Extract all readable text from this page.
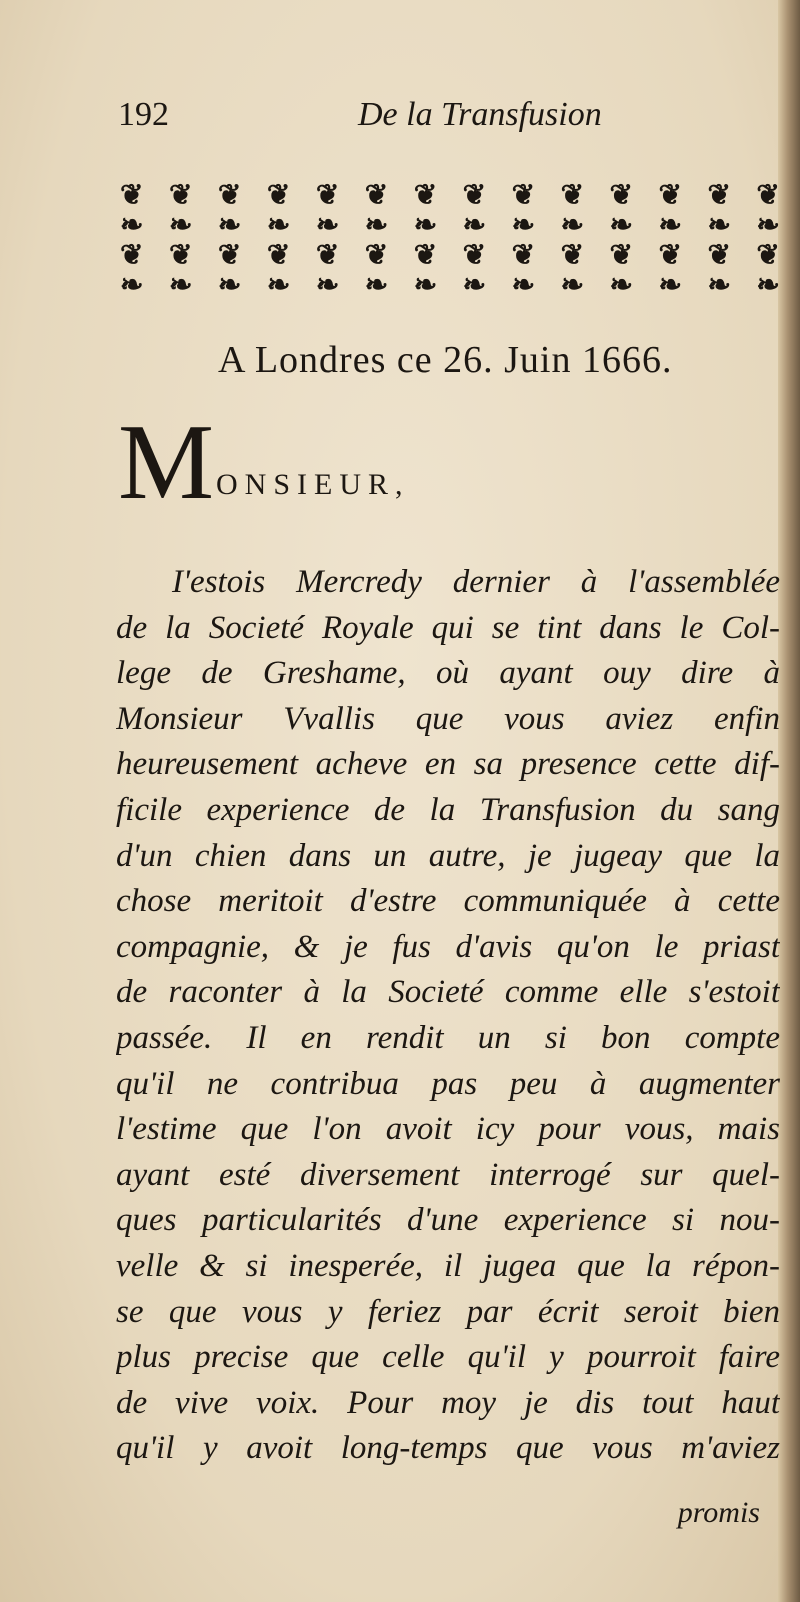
192	De la Transfusion
❦ ❦ ❦ ❦ ❦ ❦ ❦ ❦ ❦ ❦ ❦ ❦ ❦ ❦
❧ ❧ ❧ ❧ ❧ ❧ ❧ ❧ ❧ ❧ ❧ ❧ ❧ ❧
❦ ❦ ❦ ❦ ❦ ❦ ❦ ❦ ❦ ❦ ❦ ❦ ❦ ❦
❧ ❧ ❧ ❧ ❧ ❧ ❧ ❧ ❧ ❧ ❧ ❧ ❧ ❧
A Londres ce 26. Juin 1666.
M ONSIEUR,
I'estois Mercredy dernier à l'assemblée
de la Societé Royale qui se tint dans le Col-
lege de Greshame, où ayant ouy dire à
Monsieur Vvallis que vous aviez enfin
heureusement acheve en sa presence cette dif-
ficile experience de la Transfusion du sang
d'un chien dans un autre, je jugeay que la
chose meritoit d'estre communiquée à cette
compagnie, & je fus d'avis qu'on le priast
de raconter à la Societé comme elle s'estoit
passée. Il en rendit un si bon compte
qu'il ne contribua pas peu à augmenter
l'estime que l'on avoit icy pour vous, mais
ayant esté diversement interrogé sur quel-
ques particularités d'une experience si nou-
velle & si inesperée, il jugea que la répon-
se que vous y feriez par écrit seroit bien
plus precise que celle qu'il y pourroit faire
de vive voix. Pour moy je dis tout haut
qu'il y avoit long-temps que vous m'aviez
promis
